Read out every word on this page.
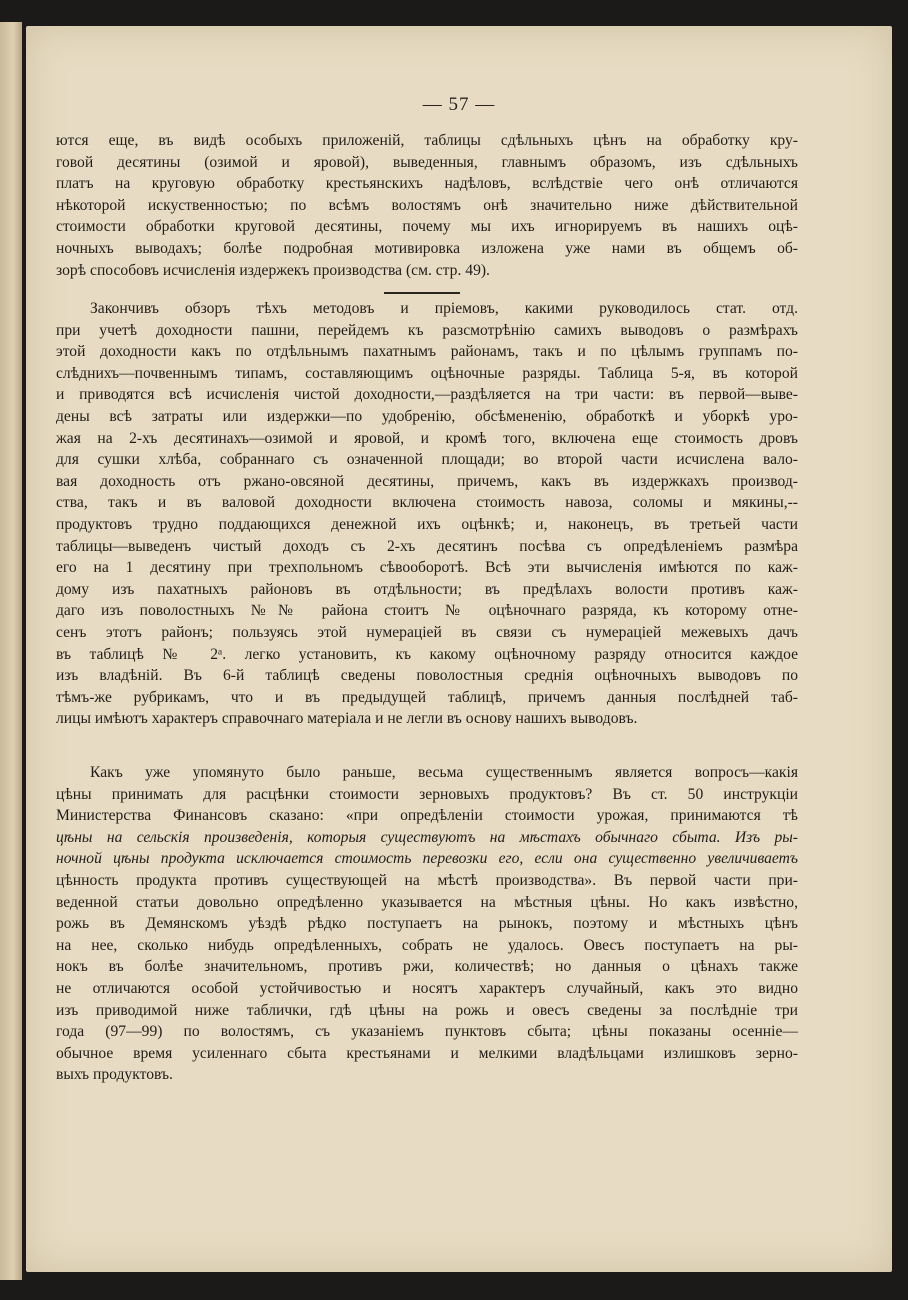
— 57 —
ются еще, въ видѣ особыхъ приложеній, таблицы сдѣльныхъ цѣнъ на обработку кру-
говой десятины (озимой и яровой), выведенныя, главнымъ образомъ, изъ сдѣльныхъ
платъ на круговую обработку крестьянскихъ надѣловъ, вслѣдствіе чего онѣ отличаются
нѣкоторой искуственностью; по всѣмъ волостямъ онѣ значительно ниже дѣйствительной
стоимости обработки круговой десятины, почему мы ихъ игнорируемъ въ нашихъ оцѣ-
ночныхъ выводахъ; болѣе подробная мотивировка изложена уже нами въ общемъ об-
зорѣ способовъ исчисленія издержекъ производства (см. стр. 49).
Закончивъ обзоръ тѣхъ методовъ и пріемовъ, какими руководилось стат. отд.
при учетѣ доходности пашни, перейдемъ къ разсмотрѣнію самихъ выводовъ о размѣрахъ
этой доходности какъ по отдѣльнымъ пахатнымъ районамъ, такъ и по цѣлымъ группамъ по-
слѣднихъ—почвеннымъ типамъ, составляющимъ оцѣночные разряды. Таблица 5-я, въ которой
и приводятся всѣ исчисленія чистой доходности,—раздѣляется на три части: въ первой—выве-
дены всѣ затраты или издержки—по удобренію, обсѣмененію, обработкѣ и уборкѣ уро-
жая на 2-хъ десятинахъ—озимой и яровой, и кромѣ того, включена еще стоимость дровъ
для сушки хлѣба, собраннаго съ означенной площади; во второй части исчислена вало-
вая доходность отъ ржано-овсяной десятины, причемъ, какъ въ издержкахъ производ-
ства, такъ и въ валовой доходности включена стоимость навоза, соломы и мякины,--
продуктовъ трудно поддающихся денежной ихъ оцѣнкѣ; и, наконецъ, въ третьей части
таблицы—выведенъ чистый доходъ съ 2-хъ десятинъ посѣва съ опредѣленіемъ размѣра
его на 1 десятину при трехпольномъ сѣвооборотѣ. Всѣ эти вычисленія имѣются по каж-
дому изъ пахатныхъ районовъ въ отдѣльности; въ предѣлахъ волости противъ каж-
даго изъ поволостныхъ №№ района стоитъ № оцѣночнаго разряда, къ которому отне-
сенъ этотъ районъ; пользуясь этой нумераціей въ связи съ нумераціей межевыхъ дачъ
въ таблицѣ № 2ᵃ. легко установить, къ какому оцѣночному разряду относится каждое
изъ владѣній. Въ 6-й таблицѣ сведены поволостныя среднія оцѣночныхъ выводовъ по
тѣмъ-же рубрикамъ, что и въ предыдущей таблицѣ, причемъ данныя послѣдней таб-
лицы имѣютъ характеръ справочнаго матеріала и не легли въ основу нашихъ выводовъ.
Какъ уже упомянуто было раньше, весьма существеннымъ является вопросъ—какія
цѣны принимать для расцѣнки стоимости зерновыхъ продуктовъ? Въ ст. 50 инструкціи
Министерства Финансовъ сказано: «при опредѣленіи стоимости урожая, принимаются тѣ
цѣны на сельскія произведенія, которыя существуютъ на мѣстахъ обычнаго сбыта. Изъ ры-
ночной цѣны продукта исключается стоимость перевозки его, если она существенно увеличиваетъ
цѣнность продукта противъ существующей на мѣстѣ производства». Въ первой части при-
веденной статьи довольно опредѣленно указывается на мѣстныя цѣны. Но какъ извѣстно,
рожь въ Демянскомъ уѣздѣ рѣдко поступаетъ на рынокъ, поэтому и мѣстныхъ цѣнъ
на нее, сколько нибудь опредѣленныхъ, собрать не удалось. Овесъ поступаетъ на ры-
нокъ въ болѣе значительномъ, противъ ржи, количествѣ; но данныя о цѣнахъ также
не отличаются особой устойчивостью и носятъ характеръ случайный, какъ это видно
изъ приводимой ниже таблички, гдѣ цѣны на рожь и овесъ сведены за послѣдніе три
года (97—99) по волостямъ, съ указаніемъ пунктовъ сбыта; цѣны показаны осенніе—
обычное время усиленнаго сбыта крестьянами и мелкими владѣльцами излишковъ зерно-
выхъ продуктовъ.
